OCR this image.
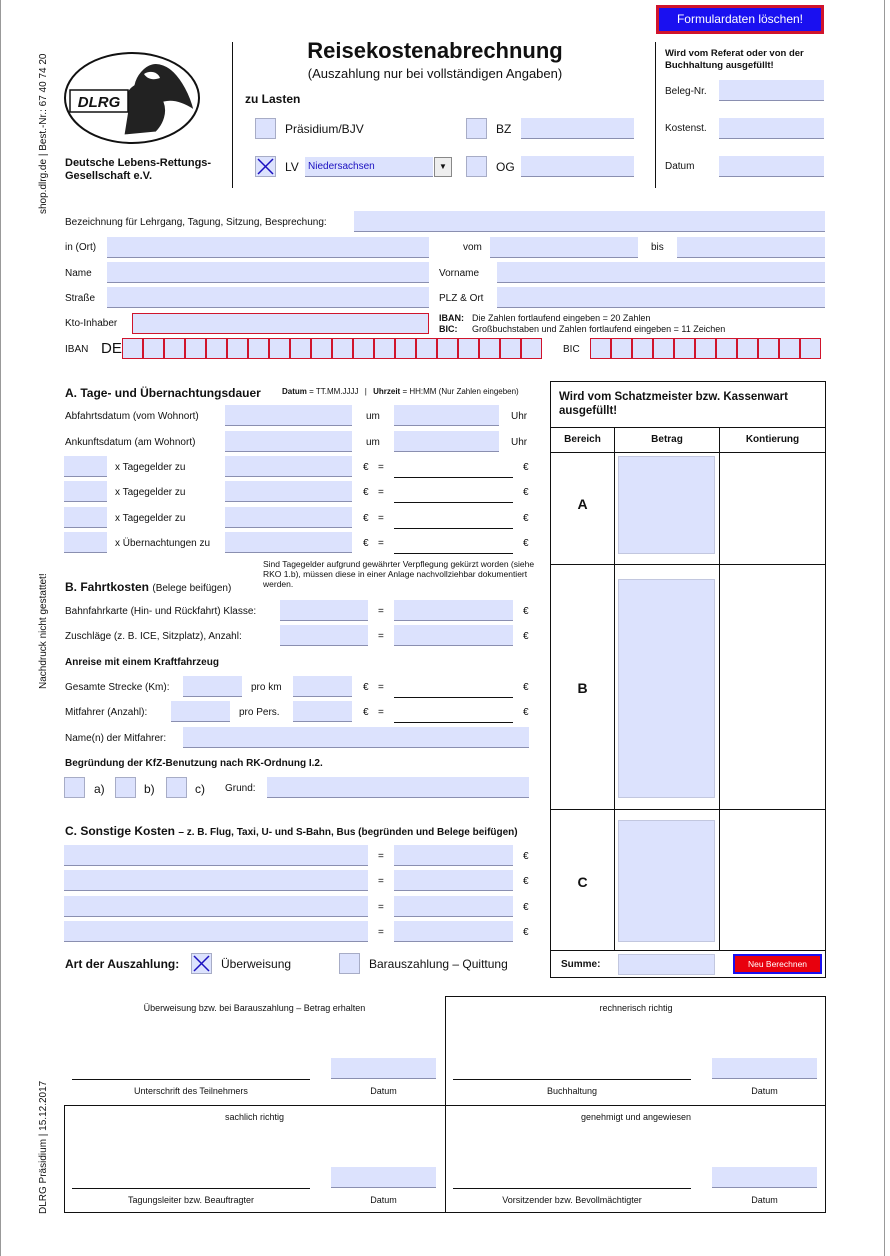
Formulardaten löschen!
shop.dlrg.de | Best.-Nr.: 67 40 74 20
Nachdruck nicht gestattet!
DLRG Präsidium | 15.12.2017
DLRG
Deutsche Lebens-Rettungs-
Gesellschaft e.V.
Reisekostenabrechnung
(Auszahlung nur bei vollständigen Angaben)
zu Lasten
Präsidium/BJV	BZ
LV Niedersachsen	▼	OG
Wird vom Referat oder von der
Buchhaltung ausgefüllt!
Beleg-Nr.
Kostenst.
Datum
Bezeichnung für Lehrgang, Tagung, Sitzung, Besprechung:
in (Ort)	vom	bis
Name	Vorname
Straße	PLZ & Ort
Kto-Inhaber	IBAN: Die Zahlen fortlaufend eingeben = 20 Zahlen
BIC: Großbuchstaben und Zahlen fortlaufend eingeben = 11 Zeichen
IBAN DE	BIC
A. Tage- und Übernachtungsdauer	Datum = TT.MM.JJJJ | Uhrzeit = HH:MM (Nur Zahlen eingeben)
Abfahrtsdatum (vom Wohnort)	um	Uhr
Ankunftsdatum (am Wohnort)	um	Uhr
x Tagegelder zu	€ =	€
x Tagegelder zu	€ =	€
x Tagegelder zu	€ =	€
x Übernachtungen zu	€ =	€
Sind Tagegelder aufgrund gewährter Verpflegung gekürzt worden (siehe RKO 1.b), müssen diese in einer Anlage nachvollziehbar dokumentiert werden.
B. Fahrtkosten (Belege beifügen)
Bahnfahrkarte (Hin- und Rückfahrt) Klasse:	=	€
Zuschläge (z. B. ICE, Sitzplatz), Anzahl:	=	€
Anreise mit einem Kraftfahrzeug
Gesamte Strecke (Km):	pro km	€ =	€
Mitfahrer (Anzahl):	pro Pers.	€ =	€
Name(n) der Mitfahrer:
Begründung der KfZ-Benutzung nach RK-Ordnung I.2.
a)	b)	c) Grund:
C. Sonstige Kosten – z. B. Flug, Taxi, U- und S-Bahn, Bus (begründen und Belege beifügen)
=	€
=	€
=	€
=	€
Art der Auszahlung:	Überweisung	Barauszahlung – Quittung
Wird vom Schatzmeister bzw. Kassenwart ausgefüllt!
Bereich	Betrag	Kontierung
A
B
C
Summe:	Neu Berechnen
Überweisung bzw. bei Barauszahlung – Betrag erhalten
Unterschrift des Teilnehmers	Datum
rechnerisch richtig
Buchhaltung	Datum
sachlich richtig
Tagungsleiter bzw. Beauftragter	Datum
genehmigt und angewiesen
Vorsitzender bzw. Bevollmächtigter	Datum
